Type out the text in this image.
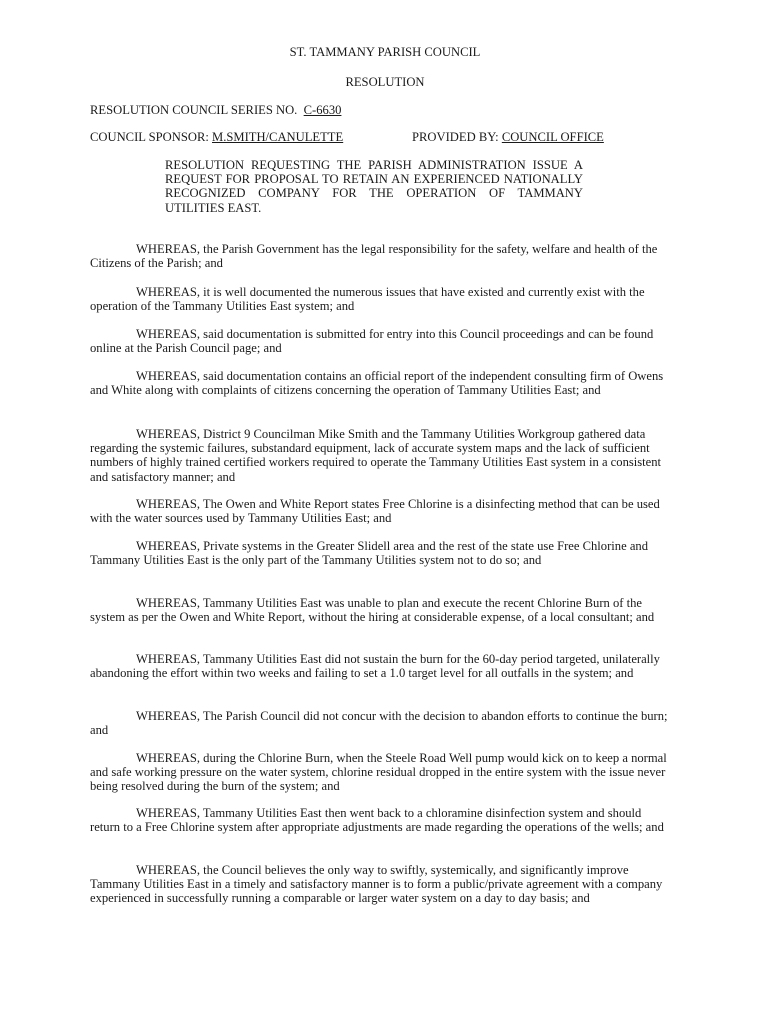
ST. TAMMANY PARISH COUNCIL
RESOLUTION
RESOLUTION COUNCIL SERIES NO. C-6630
COUNCIL SPONSOR: M.SMITH/CANULETTE	PROVIDED BY: COUNCIL OFFICE
RESOLUTION REQUESTING THE PARISH ADMINISTRATION ISSUE A REQUEST FOR PROPOSAL TO RETAIN AN EXPERIENCED NATIONALLY RECOGNIZED COMPANY FOR THE OPERATION OF TAMMANY UTILITIES EAST.
WHEREAS, the Parish Government has the legal responsibility for the safety, welfare and health of the Citizens of the Parish; and
WHEREAS, it is well documented the numerous issues that have existed and currently exist with the operation of the Tammany Utilities East system; and
WHEREAS, said documentation is submitted for entry into this Council proceedings and can be found online at the Parish Council page; and
WHEREAS, said documentation contains an official report of the independent consulting firm of Owens and White along with complaints of citizens concerning the operation of Tammany Utilities East; and
WHEREAS, District 9 Councilman Mike Smith and the Tammany Utilities Workgroup gathered data regarding the systemic failures, substandard equipment, lack of accurate system maps and the lack of sufficient numbers of highly trained certified workers required to operate the Tammany Utilities East system in a consistent and satisfactory manner; and
WHEREAS, The Owen and White Report states Free Chlorine is a disinfecting method that can be used with the water sources used by Tammany Utilities East; and
WHEREAS, Private systems in the Greater Slidell area and the rest of the state use Free Chlorine and Tammany Utilities East is the only part of the Tammany Utilities system not to do so; and
WHEREAS, Tammany Utilities East was unable to plan and execute the recent Chlorine Burn of the system as per the Owen and White Report, without the hiring at considerable expense, of a local consultant; and
WHEREAS, Tammany Utilities East did not sustain the burn for the 60-day period targeted, unilaterally abandoning the effort within two weeks and failing to set a 1.0 target level for all outfalls in the system; and
WHEREAS, The Parish Council did not concur with the decision to abandon efforts to continue the burn; and
WHEREAS, during the Chlorine Burn, when the Steele Road Well pump would kick on to keep a normal and safe working pressure on the water system, chlorine residual dropped in the entire system with the issue never being resolved during the burn of the system; and
WHEREAS, Tammany Utilities East then went back to a chloramine disinfection system and should return to a Free Chlorine system after appropriate adjustments are made regarding the operations of the wells; and
WHEREAS, the Council believes the only way to swiftly, systemically, and significantly improve Tammany Utilities East in a timely and satisfactory manner is to form a public/private agreement with a company experienced in successfully running a comparable or larger water system on a day to day basis; and
